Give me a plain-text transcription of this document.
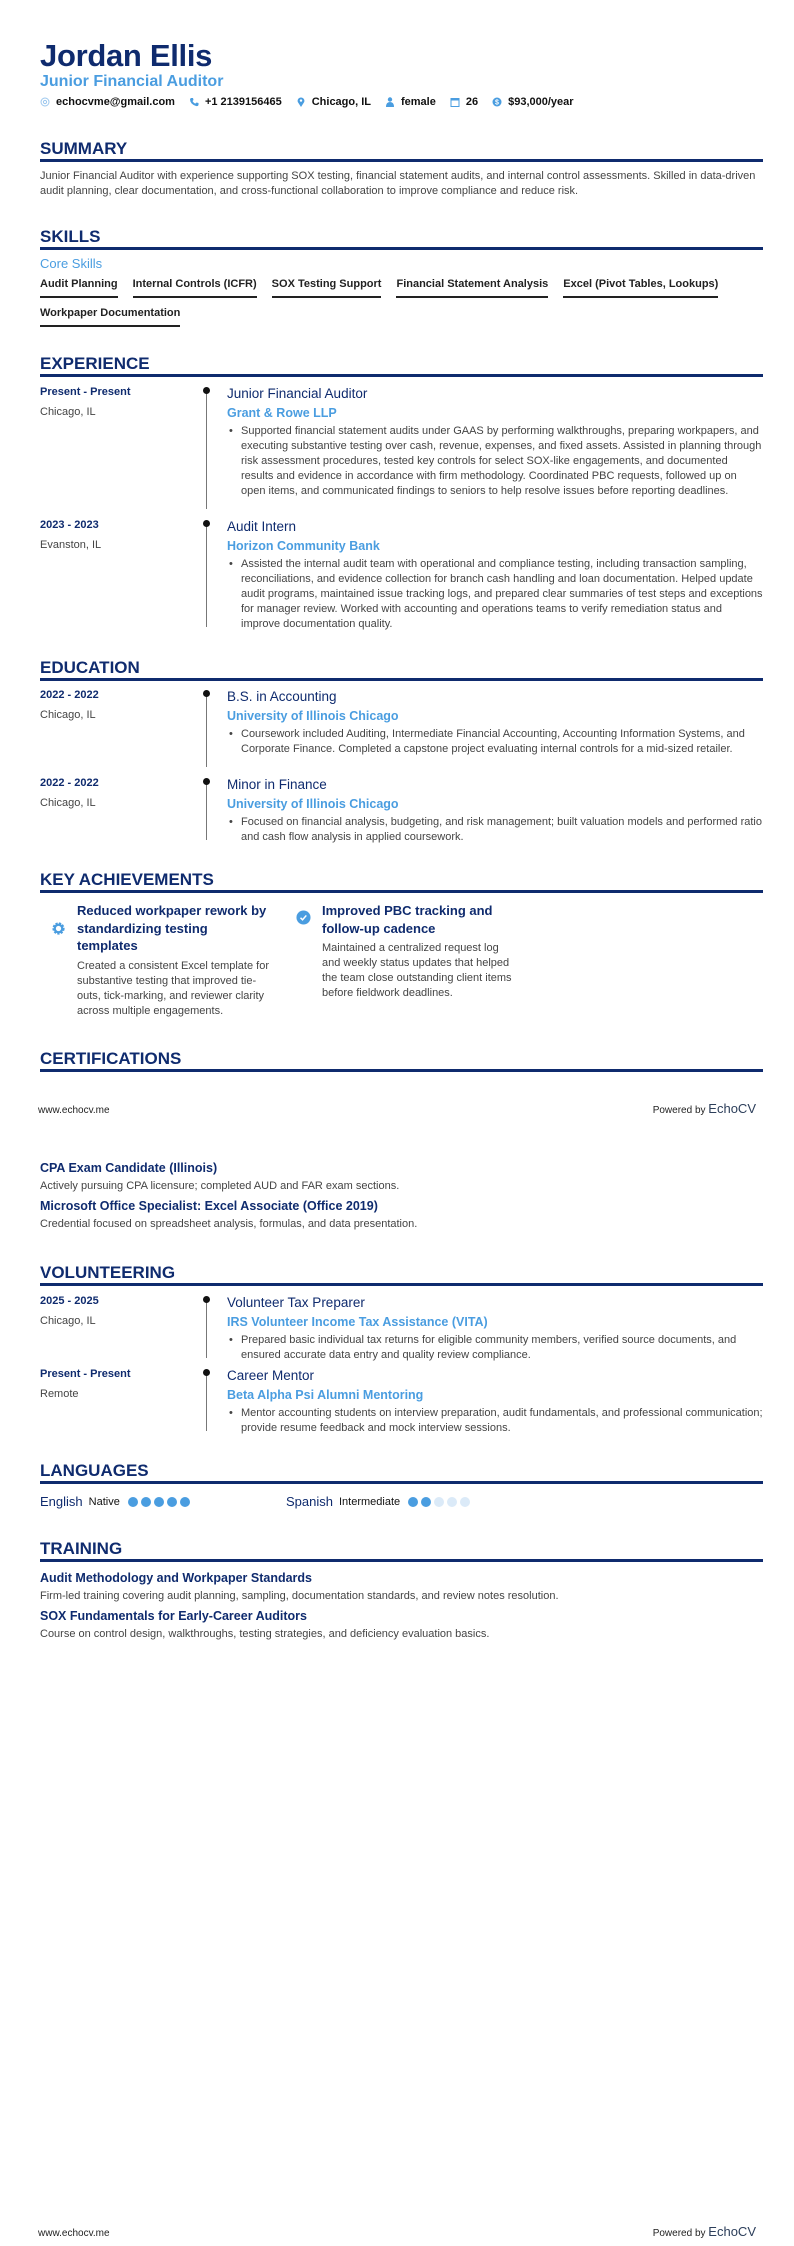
Jordan Ellis
Junior Financial Auditor
echocvme@gmail.com	+1 2139156465	Chicago, IL	female	26 $ $93,000/year
SUMMARY
Junior Financial Auditor with experience supporting SOX testing, financial statement audits, and internal control assessments. Skilled in data-driven audit planning, clear documentation, and cross-functional collaboration to improve compliance and reduce risk.
SKILLS
Core Skills
Audit Planning Internal Controls (ICFR) SOX Testing Support Financial Statement Analysis Excel (Pivot Tables, Lookups)
Workpaper Documentation
EXPERIENCE
Present - Present
Chicago, IL
Junior Financial Auditor
Grant & Rowe LLP
• Supported financial statement audits under GAAS by performing walkthroughs, preparing workpapers, and executing substantive testing over cash, revenue, expenses, and fixed assets. Assisted in planning through risk assessment procedures, tested key controls for select SOX-like engagements, and documented results and evidence in accordance with firm methodology. Coordinated PBC requests, followed up on open items, and communicated findings to seniors to help resolve issues before reporting deadlines.
2023 - 2023
Evanston, IL
Audit Intern
Horizon Community Bank
• Assisted the internal audit team with operational and compliance testing, including transaction sampling, reconciliations, and evidence collection for branch cash handling and loan documentation. Helped update audit programs, maintained issue tracking logs, and prepared clear summaries of test steps and exceptions for manager review. Worked with accounting and operations teams to verify remediation status and improve documentation quality.
EDUCATION
2022 - 2022
Chicago, IL
B.S. in Accounting
University of Illinois Chicago
• Coursework included Auditing, Intermediate Financial Accounting, Accounting Information Systems, and Corporate Finance. Completed a capstone project evaluating internal controls for a mid-sized retailer.
2022 - 2022
Chicago, IL
Minor in Finance
University of Illinois Chicago
• Focused on financial analysis, budgeting, and risk management; built valuation models and performed ratio and cash flow analysis in applied coursework.
KEY ACHIEVEMENTS
Reduced workpaper rework by standardizing testing templates
Created a consistent Excel template for substantive testing that improved tie-outs, tick-marking, and reviewer clarity across multiple engagements.
Improved PBC tracking and follow-up cadence
Maintained a centralized request log and weekly status updates that helped the team close outstanding client items before fieldwork deadlines.
CERTIFICATIONS
www.echocv.me	Powered by EchoCV
CPA Exam Candidate (Illinois)
Actively pursuing CPA licensure; completed AUD and FAR exam sections.
Microsoft Office Specialist: Excel Associate (Office 2019)
Credential focused on spreadsheet analysis, formulas, and data presentation.
VOLUNTEERING
2025 - 2025
Chicago, IL
Volunteer Tax Preparer
IRS Volunteer Income Tax Assistance (VITA)
• Prepared basic individual tax returns for eligible community members, verified source documents, and ensured accurate data entry and quality review compliance.
Present - Present
Remote
Career Mentor
Beta Alpha Psi Alumni Mentoring
• Mentor accounting students on interview preparation, audit fundamentals, and professional communication; provide resume feedback and mock interview sessions.
LANGUAGES
English Native	Spanish Intermediate
TRAINING
Audit Methodology and Workpaper Standards
Firm-led training covering audit planning, sampling, documentation standards, and review notes resolution.
SOX Fundamentals for Early-Career Auditors
Course on control design, walkthroughs, testing strategies, and deficiency evaluation basics.
www.echocv.me	Powered by EchoCV
